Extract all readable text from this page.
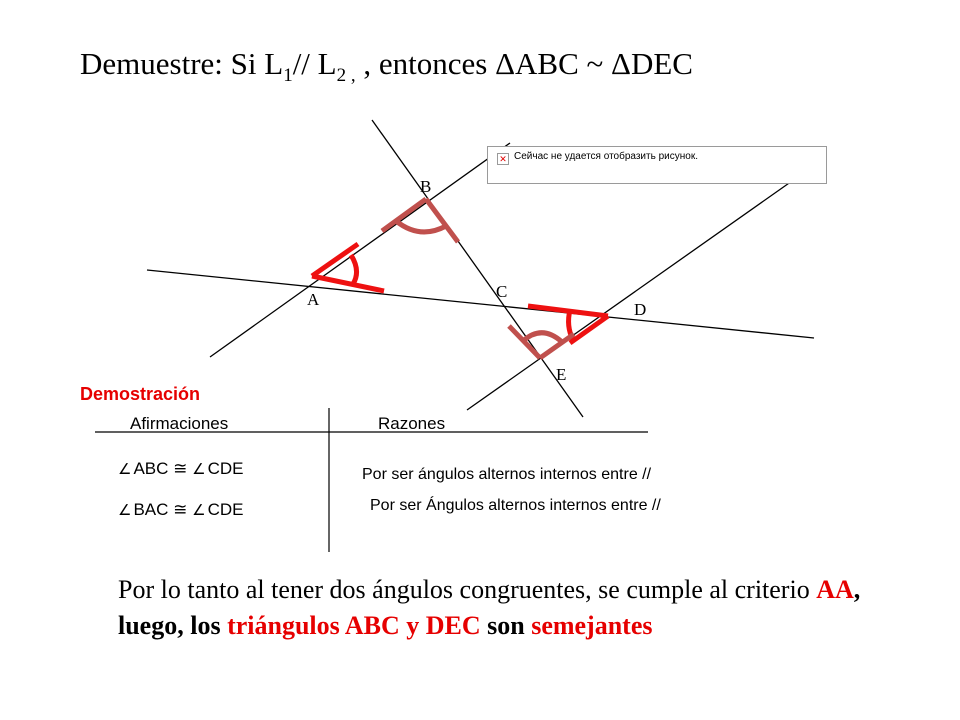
Demuestre: Si $L_1//$ $L_{2 ,}$ , entonces ΔABC ~ ΔDEC
B
A	C
D
E
✕ Сейчас не удается отобразить рисунок.
Demostración
Afirmaciones	Razones
∠ ABC ≅ ∠ CDE	Por ser ángulos alternos internos entre //
∠ BAC ≅ ∠ CDE	Por ser Ángulos alternos internos entre //
Por lo tanto al tener dos ángulos congruentes, se cumple al criterio AA, luego, los triángulos ABC y DEC son semejantes
